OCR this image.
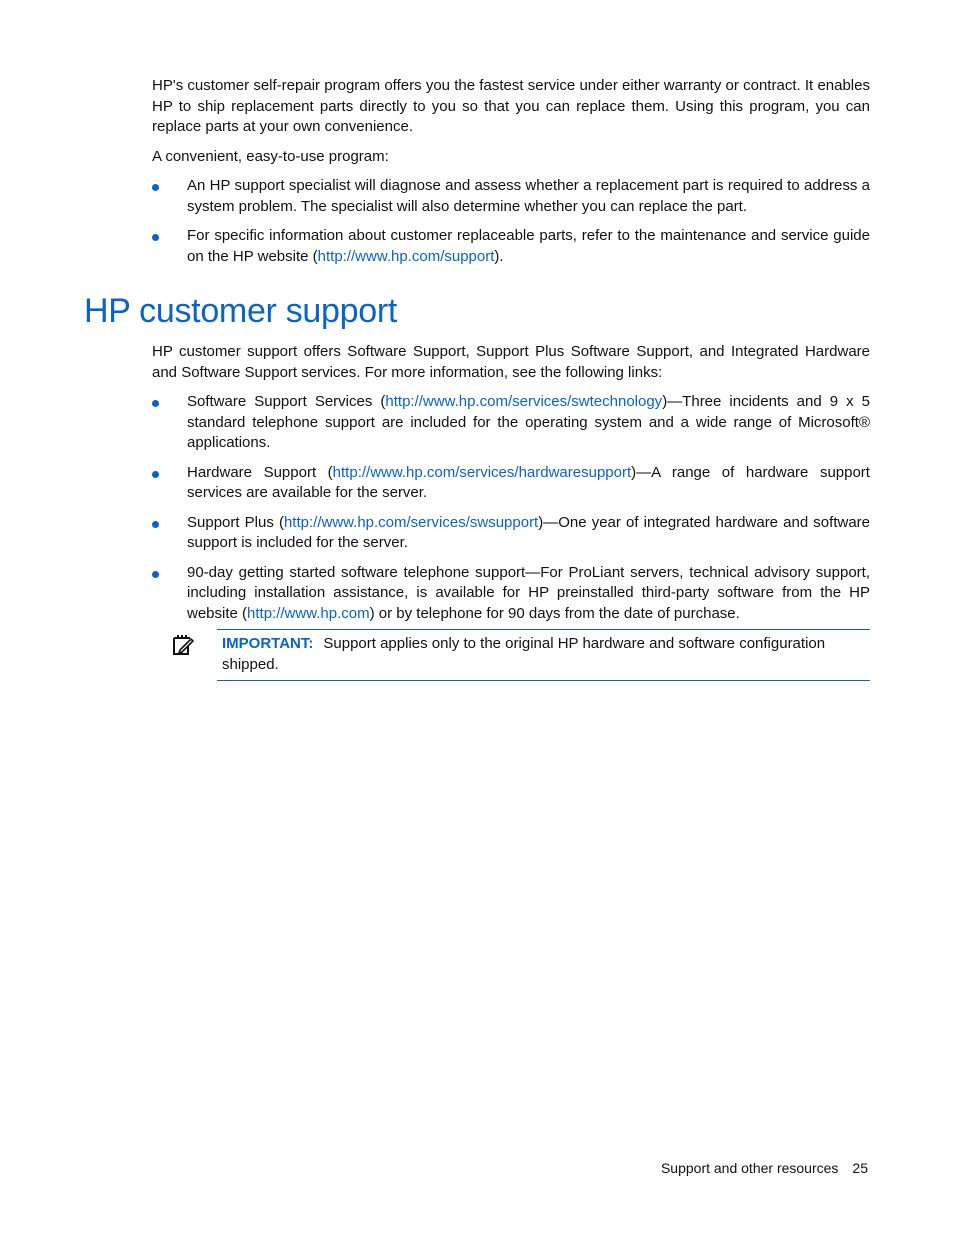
HP's customer self-repair program offers you the fastest service under either warranty or contract. It enables HP to ship replacement parts directly to you so that you can replace them. Using this program, you can replace parts at your own convenience.

A convenient, easy-to-use program:

An HP support specialist will diagnose and assess whether a replacement part is required to address a system problem. The specialist will also determine whether you can replace the part.
For specific information about customer replaceable parts, refer to the maintenance and service guide on the HP website (http://www.hp.com/support).
HP customer support

HP customer support offers Software Support, Support Plus Software Support, and Integrated Hardware and Software Support services. For more information, see the following links:

Software Support Services (http://www.hp.com/services/swtechnology)—Three incidents and 9 x 5 standard telephone support are included for the operating system and a wide range of Microsoft® applications.
Hardware Support (http://www.hp.com/services/hardwaresupport)—A range of hardware support services are available for the server.
Support Plus (http://www.hp.com/services/swsupport)—One year of integrated hardware and software support is included for the server.
90-day getting started software telephone support—For ProLiant servers, technical advisory support, including installation assistance, is available for HP preinstalled third-party software from the HP website (http://www.hp.com) or by telephone for 90 days from the date of purchase.

IMPORTANT: Support applies only to the original HP hardware and software configuration shipped.

Support and other resources 25
